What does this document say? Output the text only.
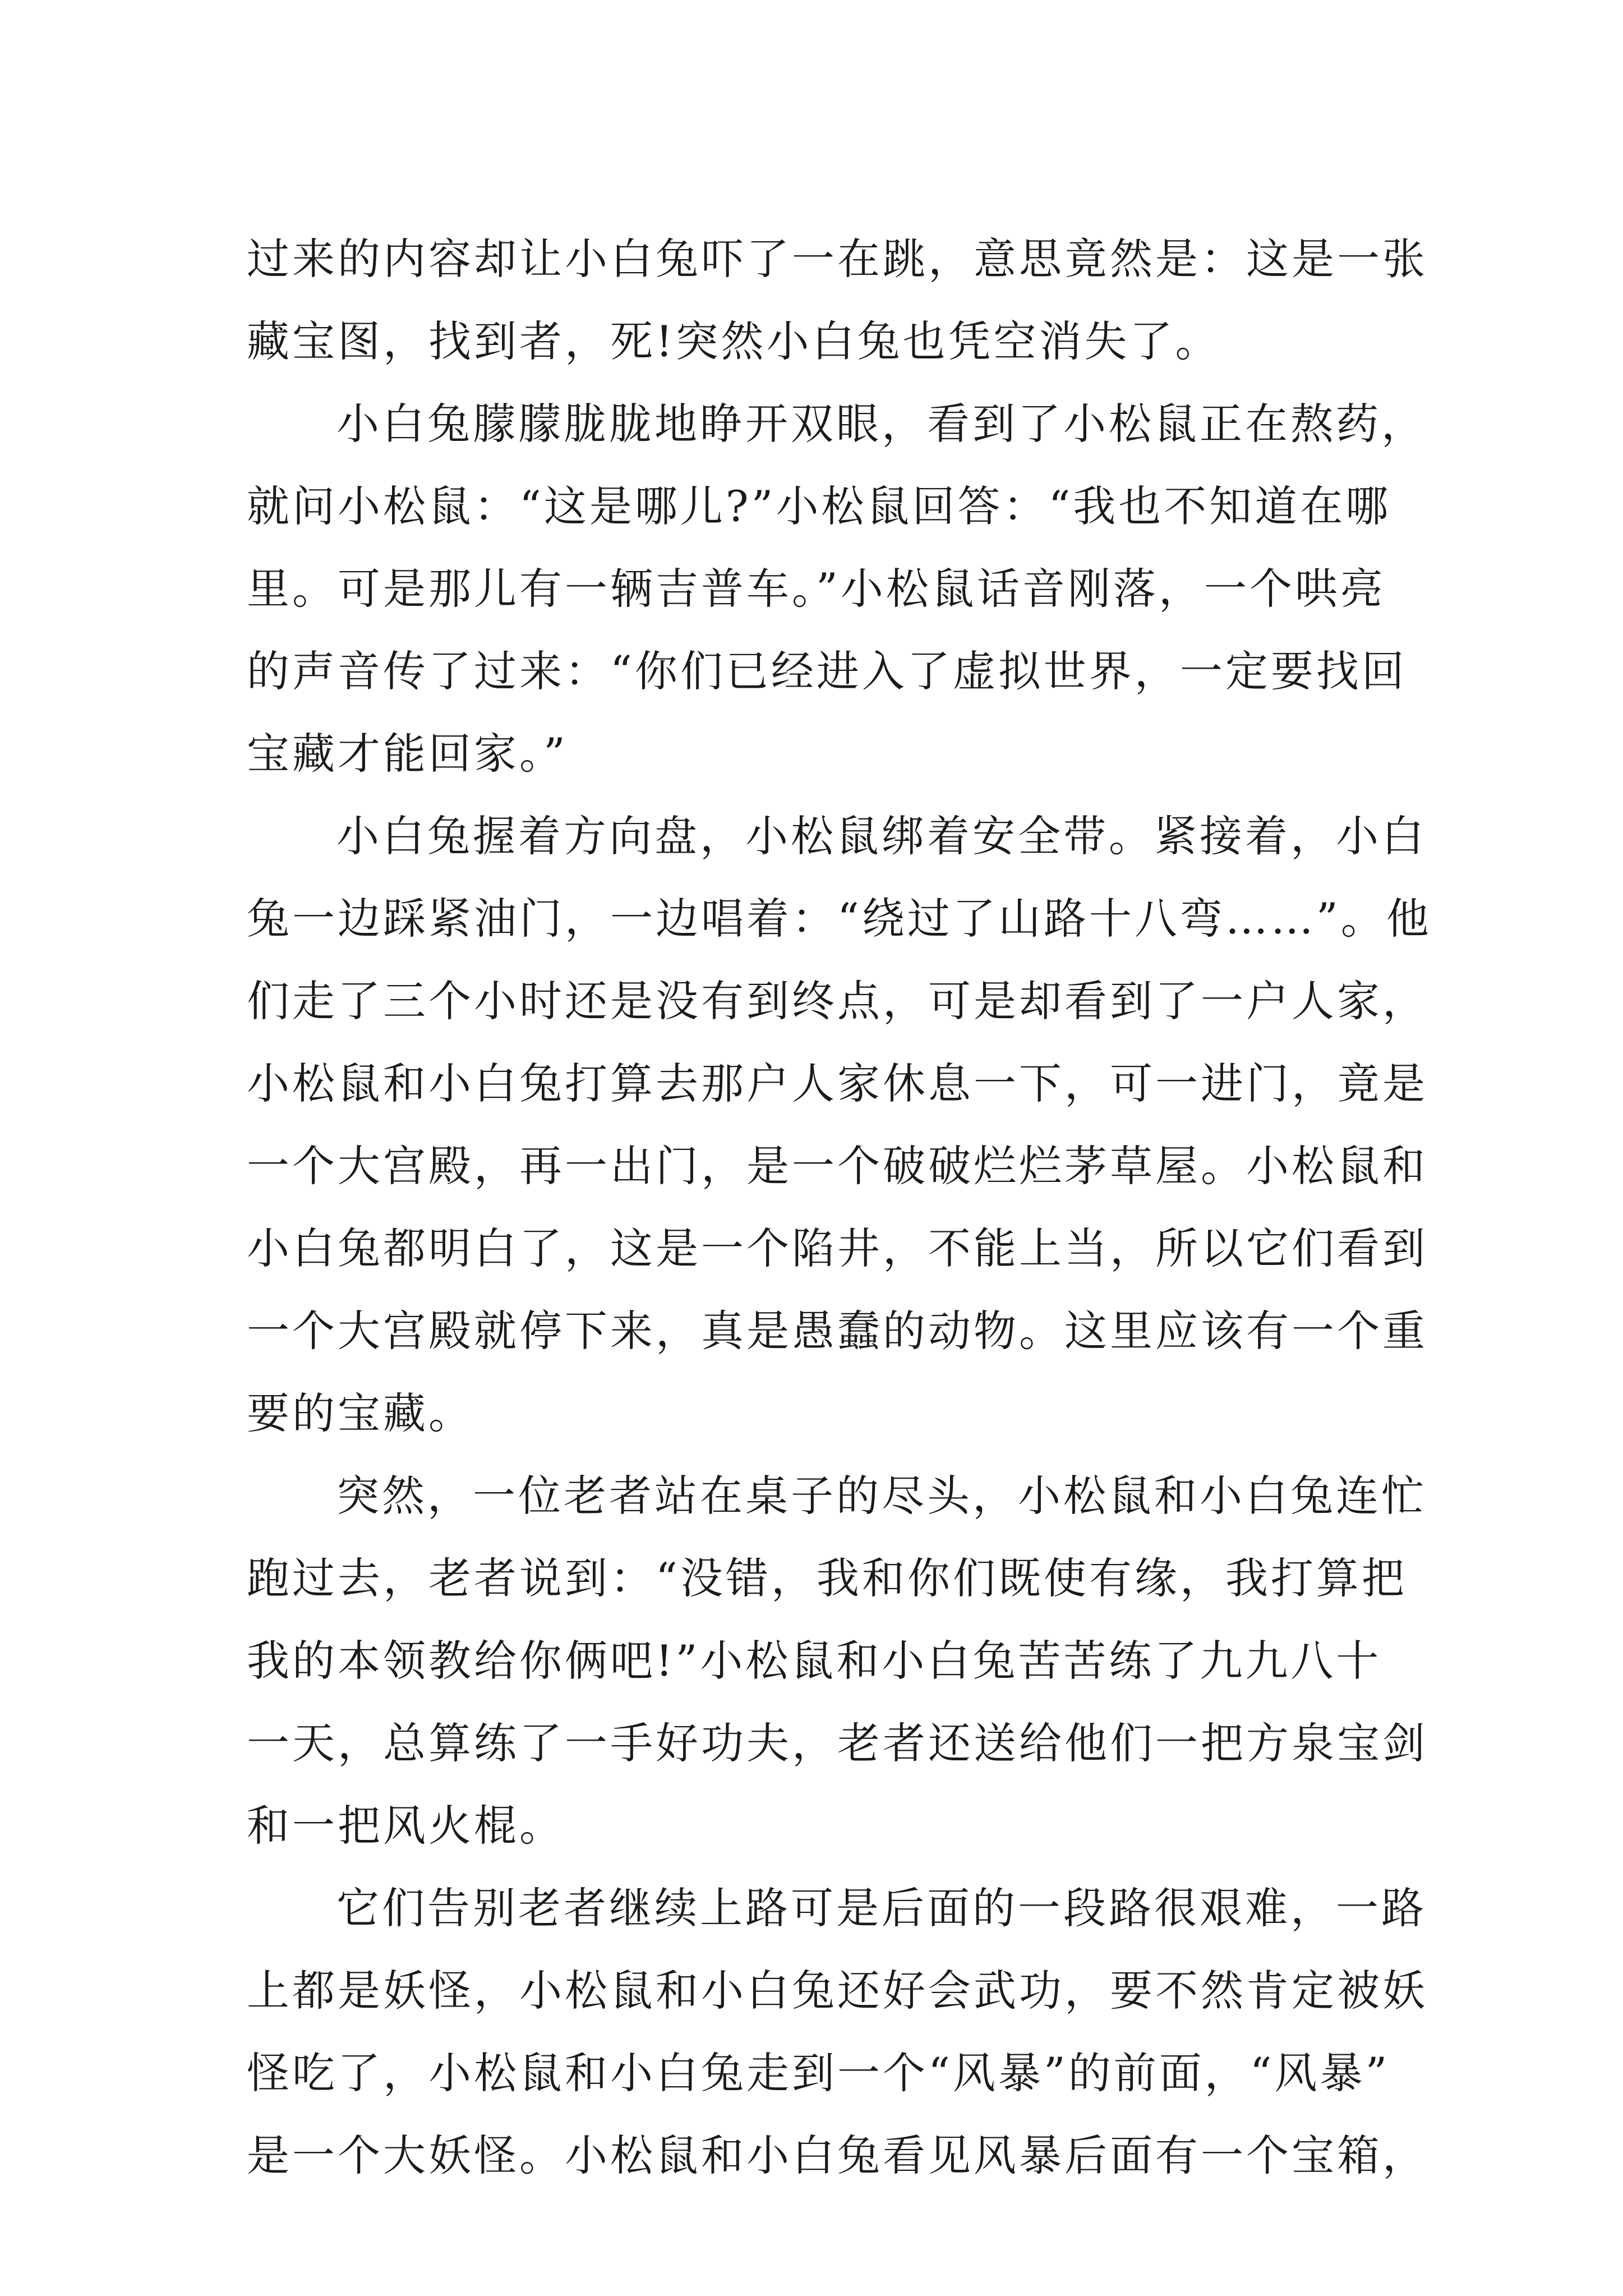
过来的内容却让小白兔吓了一在跳，意思竟然是：这是一张
藏宝图，找到者，死!突然小白兔也凭空消失了。
小白兔朦朦胧胧地睁开双眼，看到了小松鼠正在熬药，
就问小松鼠：“这是哪儿?”小松鼠回答：“我也不知道在哪
里。可是那儿有一辆吉普车。”小松鼠话音刚落，一个哄亮
的声音传了过来：“你们已经进入了虚拟世界，一定要找回
宝藏才能回家。”
小白兔握着方向盘，小松鼠绑着安全带。紧接着，小白
兔一边踩紧油门，一边唱着：“绕过了山路十八弯……”。他
们走了三个小时还是没有到终点，可是却看到了一户人家，
小松鼠和小白兔打算去那户人家休息一下，可一进门，竟是
一个大宫殿，再一出门，是一个破破烂烂茅草屋。小松鼠和
小白兔都明白了，这是一个陷井，不能上当，所以它们看到
一个大宫殿就停下来，真是愚蠢的动物。这里应该有一个重
要的宝藏。
突然，一位老者站在桌子的尽头，小松鼠和小白兔连忙
跑过去，老者说到：“没错，我和你们既使有缘，我打算把
我的本领教给你俩吧!”小松鼠和小白兔苦苦练了九九八十
一天，总算练了一手好功夫，老者还送给他们一把方泉宝剑
和一把风火棍。
它们告别老者继续上路可是后面的一段路很艰难，一路
上都是妖怪，小松鼠和小白兔还好会武功，要不然肯定被妖
怪吃了，小松鼠和小白兔走到一个“风暴”的前面，“风暴”
是一个大妖怪。小松鼠和小白兔看见风暴后面有一个宝箱，
